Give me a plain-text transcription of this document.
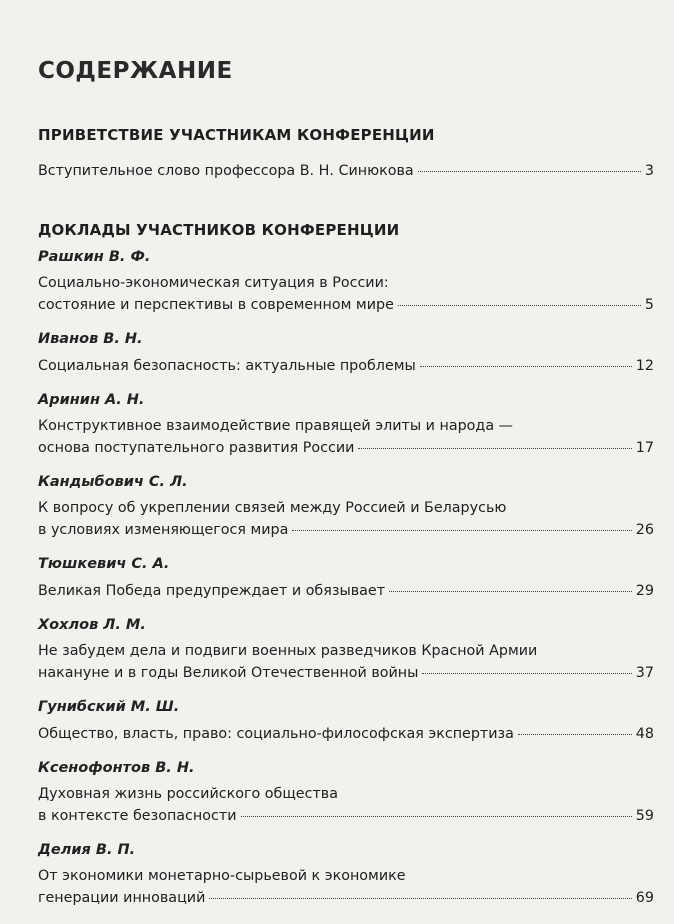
СОДЕРЖАНИЕ
ПРИВЕТСТВИЕ УЧАСТНИКАМ КОНФЕРЕНЦИИ
Вступительное слово профессора В. Н. Синюкова	3
ДОКЛАДЫ УЧАСТНИКОВ КОНФЕРЕНЦИИ
Рашкин В. Ф.
Социально-экономическая ситуация в России:
состояние и перспективы в современном мире	5
Иванов В. Н.
Социальная безопасность: актуальные проблемы	12
Аринин А. Н.
Конструктивное взаимодействие правящей элиты и народа —
основа поступательного развития России	17
Кандыбович С. Л.
К вопросу об укреплении связей между Россией и Беларусью
в условиях изменяющегося мира	26
Тюшкевич С. А.
Великая Победа предупреждает и обязывает	29
Хохлов Л. М.
Не забудем дела и подвиги военных разведчиков Красной Армии
накануне и в годы Великой Отечественной войны	37
Гунибский М. Ш.
Общество, власть, право: социально-философская экспертиза	48
Ксенофонтов В. Н.
Духовная жизнь российского общества
в контексте безопасности	59
Делия В. П.
От экономики монетарно-сырьевой к экономике
генерации инноваций	69
